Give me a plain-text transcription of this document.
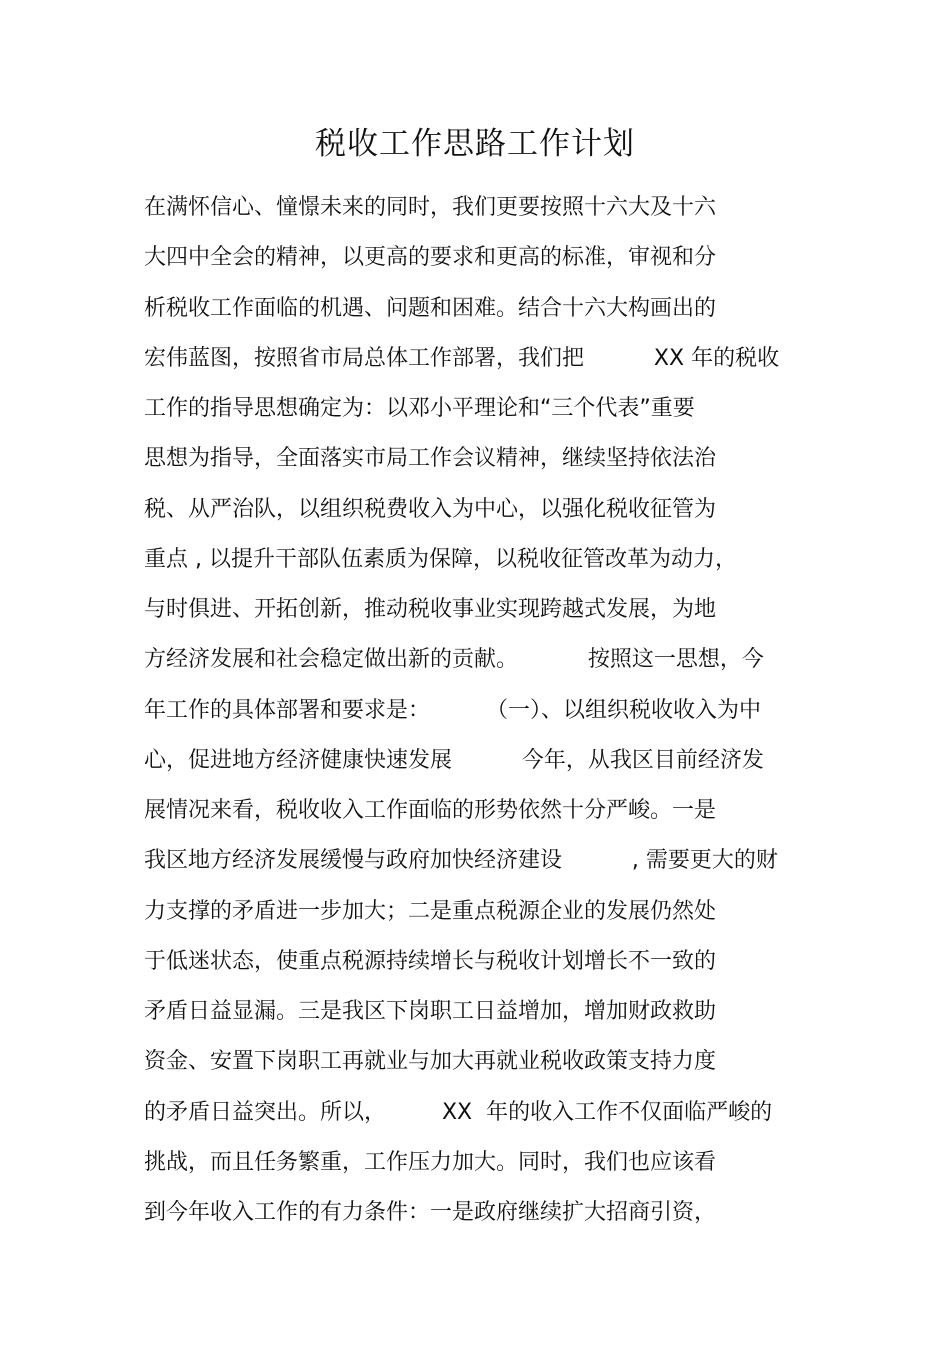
税收工作思路工作计划
在满怀信心、憧憬未来的同时，我们更要按照十六大及十六
大四中全会的精神，以更高的要求和更高的标准，审视和分
析税收工作面临的机遇、问题和困难。结合十六大构画出的
宏伟蓝图，按照省市局总体工作部署，我们把          XX 年的税收
工作的指导思想确定为：以邓小平理论和“三个代表”重要
思想为指导，全面落实市局工作会议精神，继续坚持依法治
税、从严治队，以组织税费收入为中心，以强化税收征管为
重点 , 以提升干部队伍素质为保障，以税收征管改革为动力，
与时俱进、开拓创新，推动税收事业实现跨越式发展，为地
方经济发展和社会稳定做出新的贡献。          按照这一思想，今
年工作的具体部署和要求是：        （一）、以组织税收收入为中
心，促进地方经济健康快速发展          今年，从我区目前经济发
展情况来看，税收收入工作面临的形势依然十分严峻。一是
我区地方经济发展缓慢与政府加快经济建设          , 需要更大的财
力支撑的矛盾进一步加大；二是重点税源企业的发展仍然处
于低迷状态，使重点税源持续增长与税收计划增长不一致的
矛盾日益显漏。三是我区下岗职工日益增加，增加财政救助
资金、安置下岗职工再就业与加大再就业税收政策支持力度
的矛盾日益突出。所以，        XX  年的收入工作不仅面临严峻的
挑战，而且任务繁重，工作压力加大。同时，我们也应该看
到今年收入工作的有力条件：一是政府继续扩大招商引资，
